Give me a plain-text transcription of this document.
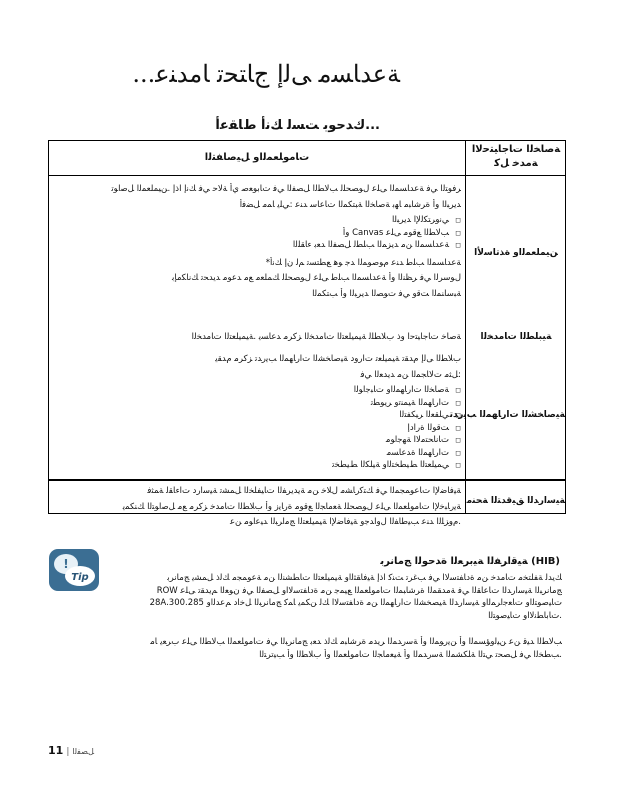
ﺔﻋﺪﺎﺴﻣ ﻰﻟﺇ ﺝﺎﺘﺤﺗ ﺎﻣﺪﻨﻋ...
...ﻙﺪﺣﻮﺑ ﺖﺴﻟ ﻚﻧﺃ ﻁﺎﻘﻋﺃ
ﺔﺻﺎﺨﻟﺍ ﺕﺎﺟﺎﻴﺘﺣﻻﺍ ﺔﻣﺪﺧ ﻞﻛ
ﺕﺎﻣﻮﻠﻌﻤﻟﺍﻭ ﻞﻴﺻﺎﻔﺘﻟﺍ
ﻦﻴﻤﻠﻌﻤﻟﺍﻭ ﺓﺬﺗﺎﺳﻷﺍ
ﺔﻴﺒﻠﻄﻟﺍ ﺕﺎﻣﺪﺨﻟﺍ
ﺔﻴﺻﺎﺨﺸﻟﺍ ﺕﺍﺭﺎﻬﻤﻟﺍ ﺐﻳﺭﺪﺗ
ﺔﻴﺳﺍﺭﺪﻟﺍ ﻖﻴﻗﺪﺘﻟﺍ ﺔﺤﻨﻣ

ﺮﻓﻮﺘﻟﺍ ﻲﻓ ﺔﻋﺪﺎﺴﻤﻟﺍ ﻰﻠﻋ ﻝﻮﺼﺤﻠﻟ ﺐﻟﺎﻄﻟﺍ ﻞﺼﻔﻟﺍ ﻲﻓ ﺕﺎﺑﻮﻌﺻ ﻱﺃ ﺔﻟﺎﺣ ﻲﻓ ﻚﻧﺇ ﺍﺫﺇ .ﻦﻴﻤﻠﻌﻤﻟﺍ ﻞﺻﺍﻮﺗ

ﺪﻳﺮﺒﻟﺍ ﻭﺃ ﺓﺮﺷﺎﺒﻣ ﺎﻬﺑ ﺔﺻﺎﺨﻟﺍ ﺔﺒﺘﻜﻤﻟﺍ ﺕﺎﻋﺎﺳ ﺪﻨﻋ :ﻲﻠﻳ ﺎﻤﻣ ﻞﻀﻓﺃ

◻ ﻲﻧﻭﺮﺘﻜﻟﻹﺍ ﺪﻳﺮﺒﻟﺍ
◻ ﺐﻟﺎﻄﻟﺍ ﻊﻗﻮﻣ ﻰﻠﻋ Canvas ﻭﺃ
◻ ﺔﻋﺪﺎﺴﻤﻟﺍ ﻦﻣ ﺪﻳﺰﻤﻟﺍ ﺐﻠﻄﻟ ﻞﺼﻔﻟﺍ ﺪﻌﺑ ﺀﺎﻘﻠﻟﺍ

ﺔﻋﺪﺎﺴﻤﻟﺍ ﺐﻠﻃ ﺪﻨﻋ ﻡﻮﺻﻮﻤﻟﺍ ﺪﺟ ﻮﻫ ﻊﻄﺘﺴﺗ ﻢﻟ ﻥﺇ ﻚﻧﺃ*

ﻝﻮﺳﺮﻟﺍ ﻲﻓ ﺮﻈﻨﻟﺍ ﻭﺃ ﺔﻋﺪﺎﺴﻤﻟﺍ ﺐﻠﻃ ﻰﻠﻋ ﻝﻮﺼﺤﻠﻟ ﻚﻤﻠﻌﻣ ﻊﻣ ﺪﻋﻮﻣ ﺪﻳﺪﺤﺗ ﻚﻧﺎﻜﻣﺈﺑ

ﺔﺒﺳﺎﻨﻤﻟﺍ ﺖﻗﻭ ﻲﻓ ﺕﻮﺼﻟﺍ ﺪﻳﺮﺒﻟﺍ ﻭﺃ ﺐﺘﻜﻤﻟﺍ

ﺔﺻﺎﺧ ﺕﺎﺟﺎﻴﺘﺣﺍ ﻭﺫ ﺏﻼﻄﻠﻟ ﺔﻴﻤﻴﻠﻌﺘﻟﺍ ﺕﺎﻣﺪﺨﻟﺍ ﺰﻛﺮﻣ ﺪﻋﺎﺴﻳ .ﺔﻴﻤﻴﻠﻌﺘﻟﺍ ﺕﺎﻣﺪﺨﻟﺍ

ﺏﻼﻄﻟﺍ ﻰﻟﺇ ﻡﺪﻘﺗ ﺔﻴﻤﻴﻠﻌﺗ ﺕﺍﺭﻭﺩ ﺔﻴﺻﺎﺨﺸﻟﺍ ﺕﺍﺭﺎﻬﻤﻟﺍ ﺐﻳﺭﺪﺗ ﺰﻛﺮﻣ ﻡﺪﻘﻳ

:ﻞﺜﻣ ﺕﻻﺎﺠﻤﻟﺍ ﻦﻣ ﺪﻳﺪﻌﻟﺍ ﻲﻓ

◻ ﺔﺻﺎﺨﻟﺍ ﺕﺍﺭﺎﻬﻤﻟﺍﻭ ﺕﺎﺒﺟﺍﻮﻟﺍ
◻ ﺕﺍﺭﺎﻬﻤﻟﺍ ﺔﻴﻤﻨﺗﻭ ﺮﻳﻮﻄﺗ
◻ ﻲﻠﻘﻌﻟﺍ ﺮﻴﻜﻔﺘﻟﺍ
◻ ﺖﻗﻮﻟﺍ ﺓﺭﺍﺩﺇ
◻ ﺕﺎﻧﺎﺤﺘﻣﻻﺍ ﺔﻬﺟﺍﻮﻣ
◻ ﺕﺍﺭﺎﻬﻤﻟﺍ ﺓﺪﻋﺎﺴﻣ
◻ ﻲﻤﻴﻠﻌﺘﻟﺍ ﻂﻴﻄﺨﺘﻟﺍﻭ ﺔﻴﻠﻜﻟﺍ ﻂﻴﻄﺨﺗ

ﺔﻴﻓﺎﺿﻹﺍ ﺕﺎﻋﻮﻤﺠﻤﻟﺍ ﻲﻓ ﻚﺘﻛﺭﺎﺸﻣ ﻝﻼﺧ ﻦﻣ ﺔﻳﺪﻳﺮﻔﻟﺍ ﺕﺎﻴﻔﻠﺨﻟﺍ ﻞﻤﺸﺗ ﺔﻴﺳﺍﺭﺩ ﺕﺍﺀﺎﻘﻟ ﺔﻤﺜﻓ

ﺔﻳﺭﺎﺒﺧﻹﺍ ﺕﺎﻣﻮﻠﻌﻤﻟﺍ ﻰﻠﻋ ﻝﻮﺼﺤﻠﻟ ﺔﻌﻣﺎﺠﻟﺍ ﻊﻗﻮﻣ ﺓﺭﺎﻳﺯ ﻭﺃ ﺏﻼﻄﻟﺍ ﺕﺎﻣﺪﺧ ﺰﻛﺮﻣ ﻊﻣ ﻞﺻﺍﻮﺘﻟﺍ ﻚﻨﻜﻤﻳ

.ﻡﻭﺰﻠﻟﺍ ﺪﻨﻋ ﺐﻴﻃﺎﻔﻟﺍ ﻝﻭﺍﺪﺟﻭ ﺔﻴﻓﺎﺿﻹﺍ ﺔﻴﻤﻴﻠﻌﺘﻟﺍ ﺞﻣﺍﺮﺒﻟﺍ ﺪﻴﻋﺍﻮﻣ ﻦﻋ

!
Tip
(HIB) ﺔﻴﻗﺍﺮﻔﻟﺍ ﺔﻴﺑﺮﻌﻟﺍ ﺓﺪﺣﻮﻟﺍ ﺞﻣﺎﻧﺮﺑ

ﻚﻳﺪﻟ ﺔﻔﻠﺘﺨﻣ ﺕﺎﻣﺪﺧ ﻦﻣ ﺓﺩﺎﻔﺘﺳﻻﺍ ﻲﻓ ﺐﻏﺮﺗ ﺖﻨﻛ ﺍﺫﺇ ﺔﻴﻓﺎﻘﺜﻟﺍﻭ ﺔﻴﻤﻴﻠﻌﺘﻟﺍ ﺕﺎﻄﺸﻨﻟﺍ ﻦﻣ ﺔﻋﻮﻤﺠﻣ ﻚﻟﺫ ﻞﻤﺸﻳ ﺞﻣﺎﻧﺮﺑ
ﺞﻣﺎﻧﺮﺒﻟﺍ ﺔﻴﺳﺍﺭﺪﻟﺍ ﺕﺎﻋﺎﻘﻟﺍ ﻲﻓ ﺔﻣﺪﻘﻤﻟﺍ ﺓﺮﺷﺎﺒﻤﻟﺍ ﺕﺎﻣﻮﻠﻌﻤﻟﺍ ﻊﻴﻤﺟ ﻦﻣ ﺓﺩﺎﻔﺘﺳﻻﺍﻭ ﻞﺼﻔﻟﺍ ﻲﻓ ﻥﻮﻌﻟﺍ ﻢﻳﺪﻘﺗ ﻰﻠﻋ ROW
ﺕﺎﻴﺻﻮﺘﻟﺍﻭ ﺕﺎﻌﺟﺍﺮﻤﻟﺍﻭ ﺔﻴﺳﺍﺭﺪﻟﺍ ﺔﻴﺼﺨﺸﻟﺍ ﺕﺍﺭﺎﻬﻤﻟﺍ ﻦﻣ ﺓﺩﺎﻔﺘﺳﻻﺍ ﻚﻟ ﻦﻜﻤﻳ ﺎﻤﻛ ﺞﻣﺎﻧﺮﺒﻟﺍ ﻞﺧﺍﺩ ﻢﻋﺪﻟﺍﻭ 28A.300.285
.ﺕﺎﺑﺎﻄﻧﻻﺍﻭ ﺕﺎﻴﺻﻮﺘﻟﺍ

ﺐﻟﺎﻄﻟﺍ ﺪﻴﻗ ﻦﻋ ﻦﻴﻟﻭﺆﺴﻤﻟﺍ ﻭﺃ ﻦﻳﺭﻮﻤﻟﺍ ﻭﺃ ﺔﺳﺭﺪﻤﻟﺍ ﺮﻳﺪﻣ ﺓﺮﺷﺎﺒﻣ ﻚﻟﺫ ﺪﻌﺑ ﺞﻣﺎﻧﺮﺒﻟﺍ ﻲﻓ ﺕﺎﻣﻮﻠﻌﻤﻟﺍ ﺐﻟﺎﻄﻟﺍ ﻰﻠﻋ ﺏﺮﻌﻳ ﺎﻣ
.ﺐﻄﺨﻟﺍ ﻲﻓ ﻞﺼﺤﺗ ﻲﺘﻟﺍ ﺔﻠﻜﺸﻤﻟﺍ ﺔﺳﺭﺪﻤﻟﺍ ﻭﺃ ﺔﻴﻌﻣﺎﺠﻟﺍ ﺕﺎﻣﻮﻠﻌﻤﻟﺍ ﻭﺃ ﺏﻼﻄﻟﺍ ﻭﺃ ﺐﻴﺗﺮﺘﻟﺍ

ﻞﺼﻔﻟﺍ|11
